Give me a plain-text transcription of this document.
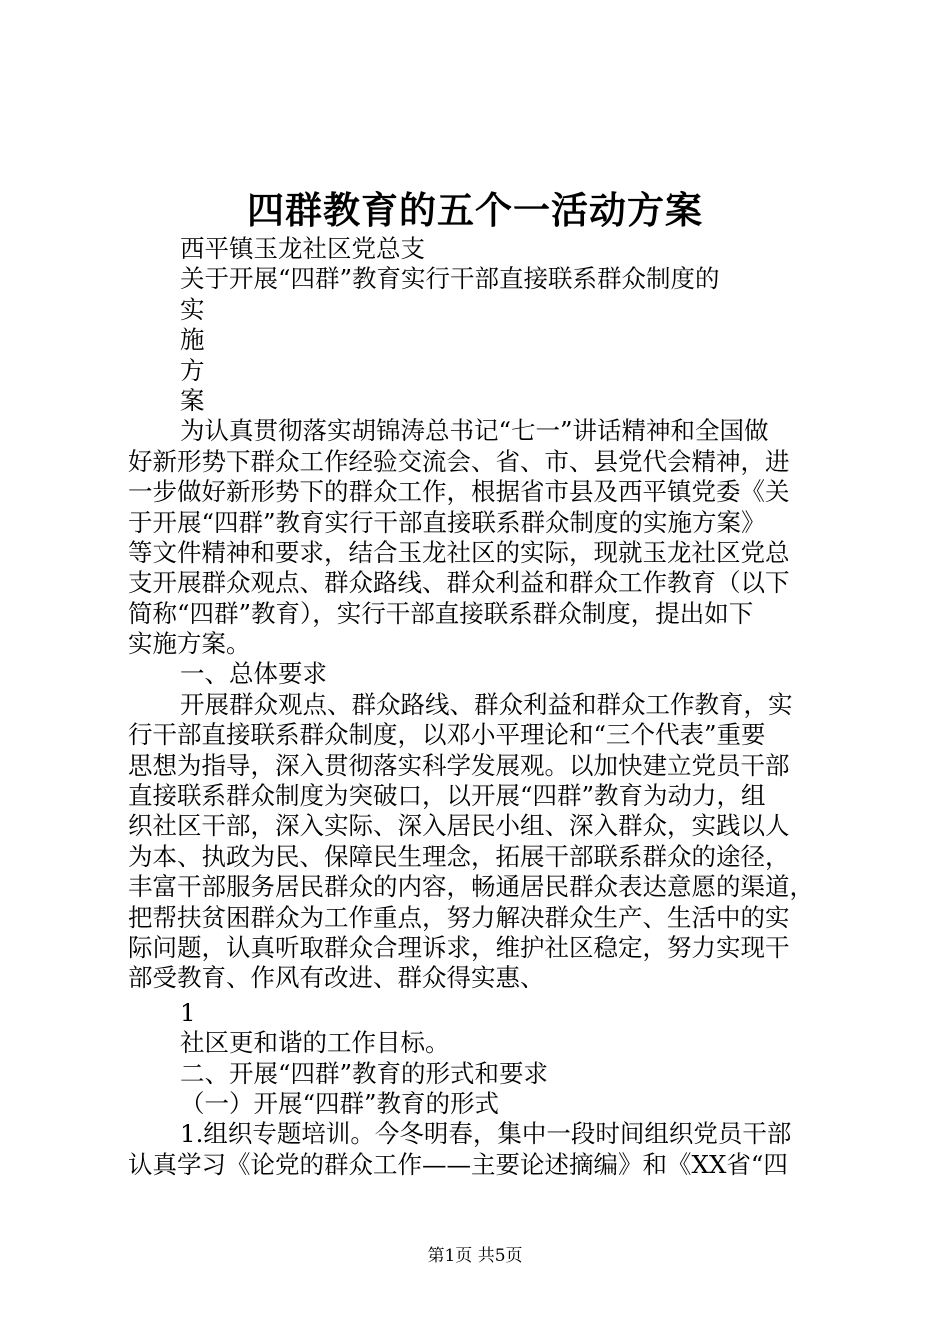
四群教育的五个一活动方案
西平镇玉龙社区党总支
关于开展“四群”教育实行干部直接联系群众制度的
实
施
方
案
为认真贯彻落实胡锦涛总书记“七一”讲话精神和全国做
好新形势下群众工作经验交流会、省、市、县党代会精神，进
一步做好新形势下的群众工作，根据省市县及西平镇党委《关
于开展“四群”教育实行干部直接联系群众制度的实施方案》
等文件精神和要求，结合玉龙社区的实际，现就玉龙社区党总
支开展群众观点、群众路线、群众利益和群众工作教育（以下
简称“四群”教育），实行干部直接联系群众制度，提出如下
实施方案。
一、总体要求
开展群众观点、群众路线、群众利益和群众工作教育，实
行干部直接联系群众制度，以邓小平理论和“三个代表”重要
思想为指导，深入贯彻落实科学发展观。以加快建立党员干部
直接联系群众制度为突破口，以开展“四群”教育为动力，组
织社区干部，深入实际、深入居民小组、深入群众，实践以人
为本、执政为民、保障民生理念，拓展干部联系群众的途径，
丰富干部服务居民群众的内容，畅通居民群众表达意愿的渠道，
把帮扶贫困群众为工作重点，努力解决群众生产、生活中的实
际问题，认真听取群众合理诉求，维护社区稳定，努力实现干
部受教育、作风有改进、群众得实惠、
1
社区更和谐的工作目标。
二、开展“四群”教育的形式和要求
（一）开展“四群”教育的形式
1.组织专题培训。今冬明春，集中一段时间组织党员干部
认真学习《论党的群众工作——主要论述摘编》和《XX省“四
第1页 共5页
